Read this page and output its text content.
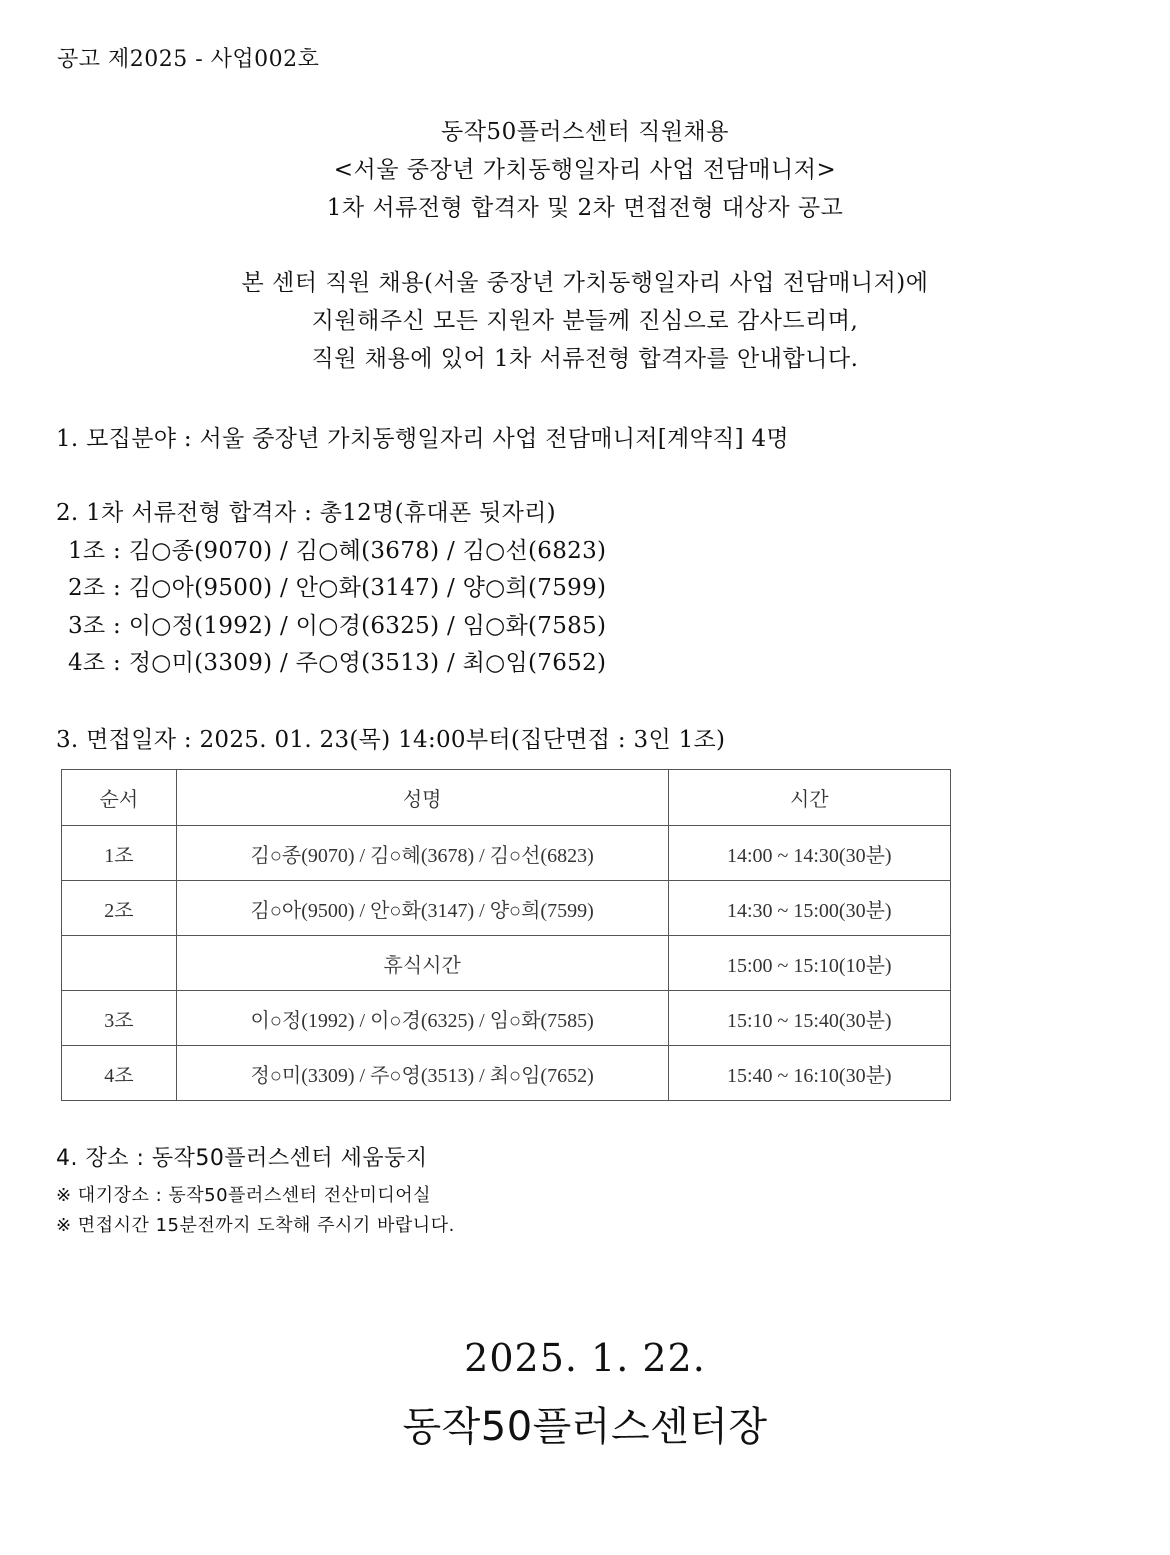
공고 제2025 - 사업002호
동작50플러스센터 직원채용
<서울 중장년 가치동행일자리 사업 전담매니저>
1차 서류전형 합격자 및 2차 면접전형 대상자 공고
본 센터 직원 채용(서울 중장년 가치동행일자리 사업 전담매니저)에
지원해주신 모든 지원자 분들께 진심으로 감사드리며,
직원 채용에 있어 1차 서류전형 합격자를 안내합니다.
1. 모집분야 : 서울 중장년 가치동행일자리 사업 전담매니저[계약직] 4명
2. 1차 서류전형 합격자 : 총12명(휴대폰 뒷자리)
1조 : 김○종(9070) / 김○혜(3678) / 김○선(6823)
2조 : 김○아(9500) / 안○화(3147) / 양○희(7599)
3조 : 이○정(1992) / 이○경(6325) / 임○화(7585)
4조 : 정○미(3309) / 주○영(3513) / 최○임(7652)
3. 면접일자 : 2025. 01. 23(목) 14:00부터(집단면접 : 3인 1조)
순서	성명	시간
1조	김○종(9070) / 김○혜(3678) / 김○선(6823)	14:00 ~ 14:30(30분)
2조	김○아(9500) / 안○화(3147) / 양○희(7599)	14:30 ~ 15:00(30분)
	휴식시간	15:00 ~ 15:10(10분)
3조	이○정(1992) / 이○경(6325) / 임○화(7585)	15:10 ~ 15:40(30분)
4조	정○미(3309) / 주○영(3513) / 최○임(7652)	15:40 ~ 16:10(30분)
4. 장소 : 동작50플러스센터 세움둥지
※ 대기장소 : 동작50플러스센터 전산미디어실
※ 면접시간 15분전까지 도착해 주시기 바랍니다.
2025. 1. 22.
동작50플러스센터장
